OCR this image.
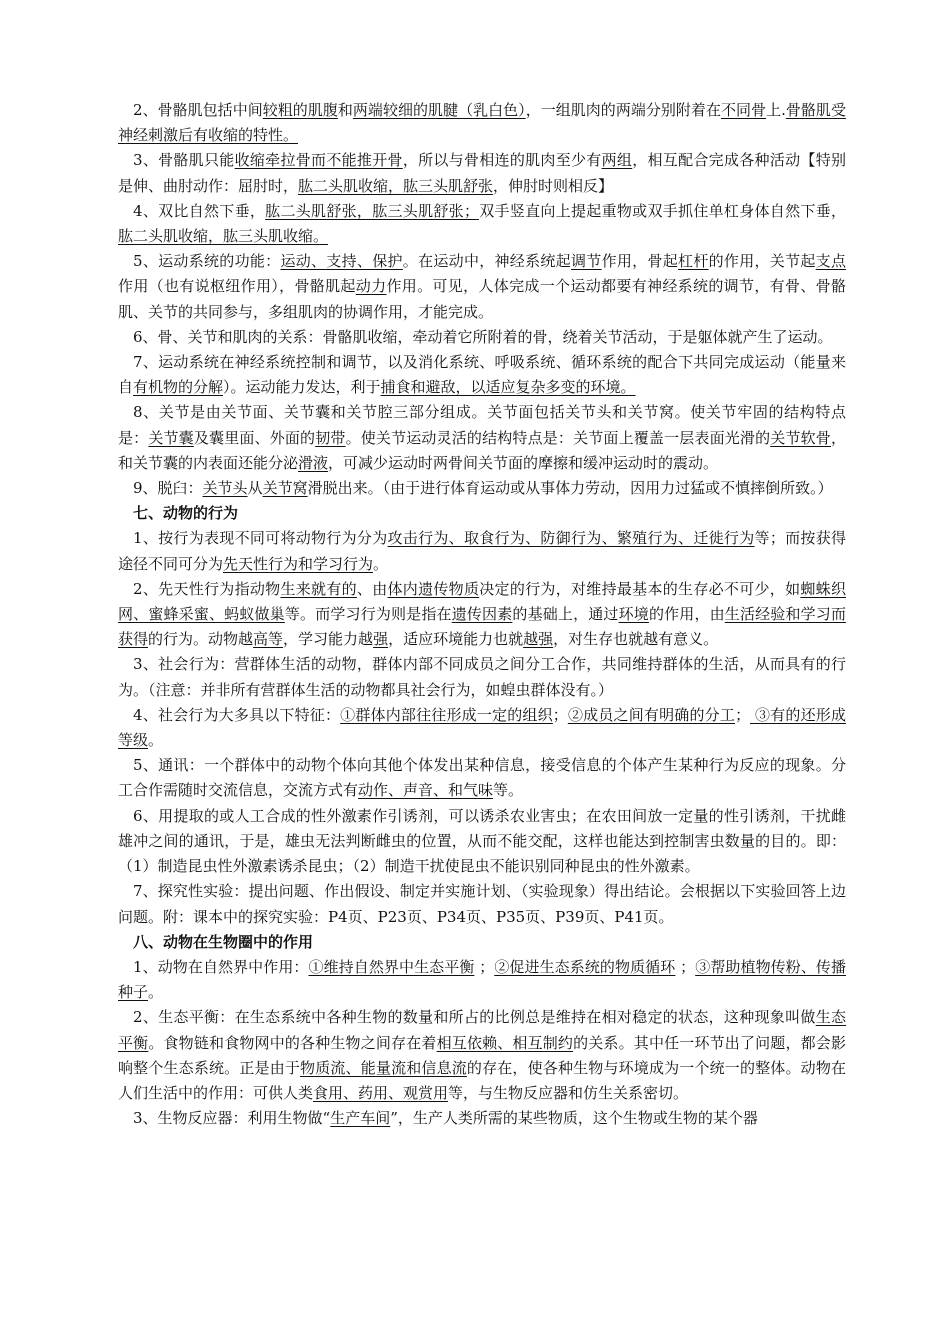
2、骨骼肌包括中间较粗的肌腹和两端较细的肌腱（乳白色），一组肌肉的两端分别附着在不同骨上.骨骼肌受神经刺激后有收缩的特性。

3、骨骼肌只能收缩牵拉骨而不能推开骨，所以与骨相连的肌肉至少有两组，相互配合完成各种活动【特别是伸、曲肘动作：屈肘时，肱二头肌收缩，肱三头肌舒张，伸肘时则相反】

4、双比自然下垂，肱二头肌舒张，肱三头肌舒张；双手竖直向上提起重物或双手抓住单杠身体自然下垂，肱二头肌收缩，肱三头肌收缩。

5、运动系统的功能：运动、支持、保护。在运动中，神经系统起调节作用，骨起杠杆的作用，关节起支点作用（也有说枢纽作用），骨骼肌起动力作用。可见，人体完成一个运动都要有神经系统的调节，有骨、骨骼肌、关节的共同参与，多组肌肉的协调作用，才能完成。

6、骨、关节和肌肉的关系：骨骼肌收缩，牵动着它所附着的骨，绕着关节活动，于是躯体就产生了运动。

7、运动系统在神经系统控制和调节，以及消化系统、呼吸系统、循环系统的配合下共同完成运动（能量来自有机物的分解）。运动能力发达，利于捕食和避敌，以适应复杂多变的环境。

8、关节是由关节面、关节囊和关节腔三部分组成。关节面包括关节头和关节窝。使关节牢固的结构特点是：关节囊及囊里面、外面的韧带。使关节运动灵活的结构特点是：关节面上覆盖一层表面光滑的关节软骨，和关节囊的内表面还能分泌滑液，可减少运动时两骨间关节面的摩擦和缓冲运动时的震动。

9、脱臼：关节头从关节窝滑脱出来。（由于进行体育运动或从事体力劳动，因用力过猛或不慎摔倒所致。）

七、动物的行为

1、按行为表现不同可将动物行为分为攻击行为、取食行为、防御行为、繁殖行为、迁徙行为等；而按获得途径不同可分为先天性行为和学习行为。

2、先天性行为指动物生来就有的、由体内遗传物质决定的行为，对维持最基本的生存必不可少，如蜘蛛织网、蜜蜂采蜜、蚂蚁做巢等。而学习行为则是指在遗传因素的基础上，通过环境的作用，由生活经验和学习而获得的行为。动物越高等，学习能力越强，适应环境能力也就越强，对生存也就越有意义。

3、社会行为：营群体生活的动物，群体内部不同成员之间分工合作，共同维持群体的生活，从而具有的行为。（注意：并非所有营群体生活的动物都具社会行为，如蝗虫群体没有。）

4、社会行为大多具以下特征：①群体内部往往形成一定的组织；②成员之间有明确的分工； ③有的还形成等级。

5、通讯：一个群体中的动物个体向其他个体发出某种信息，接受信息的个体产生某种行为反应的现象。分工合作需随时交流信息，交流方式有动作、声音、和气味等。

6、用提取的或人工合成的性外激素作引诱剂，可以诱杀农业害虫；在农田间放一定量的性引诱剂，干扰雌雄冲之间的通讯，于是，雄虫无法判断雌虫的位置，从而不能交配，这样也能达到控制害虫数量的目的。即：（1）制造昆虫性外激素诱杀昆虫；（2）制造干扰使昆虫不能识别同种昆虫的性外激素。

7、探究性实验：提出问题、作出假设、制定并实施计划、（实验现象）得出结论。会根据以下实验回答上边问题。附：课本中的探究实验：P4页、P23页、P34页、P35页、P39页、P41页。

八、动物在生物圈中的作用

1、动物在自然界中作用：①维持自然界中生态平衡 ；②促进生态系统的物质循环 ；③帮助植物传粉、传播种子。

2、生态平衡：在生态系统中各种生物的数量和所占的比例总是维持在相对稳定的状态，这种现象叫做生态平衡。食物链和食物网中的各种生物之间存在着相互依赖、相互制约的关系。其中任一环节出了问题，都会影响整个生态系统。正是由于物质流、能量流和信息流的存在，使各种生物与环境成为一个统一的整体。动物在人们生活中的作用：可供人类食用、药用、观赏用等，与生物反应器和仿生关系密切。

3、生物反应器：利用生物做“生产车间”，生产人类所需的某些物质，这个生物或生物的某个器
